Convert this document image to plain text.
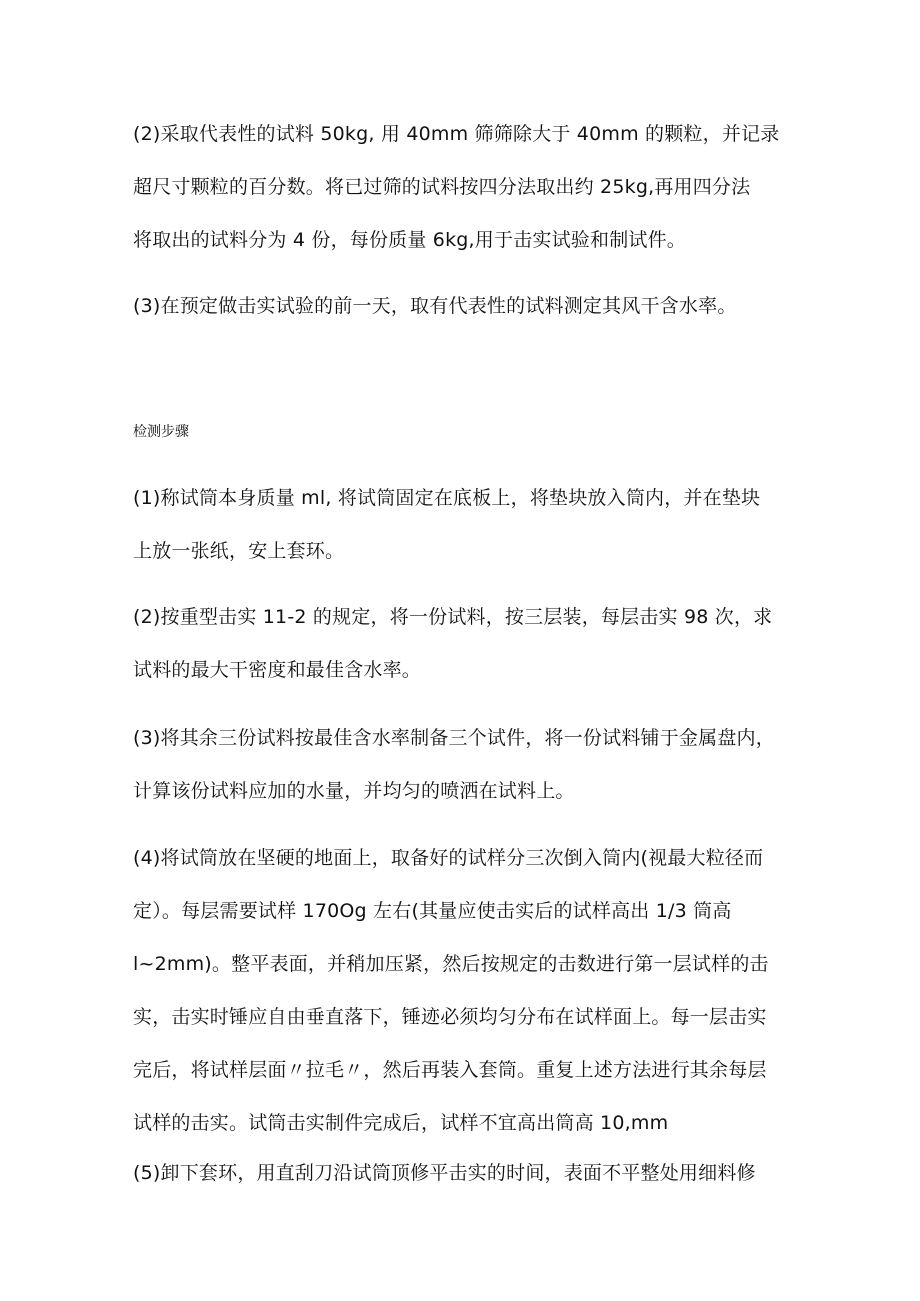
(2)采取代表性的试料 50kg, 用 40mm 筛筛除大于 40mm 的颗粒，并记录
超尺寸颗粒的百分数。将已过筛的试料按四分法取出约 25kg,再用四分法
将取出的试料分为 4 份，每份质量 6kg,用于击实试验和制试件。
(3)在预定做击实试验的前一天，取有代表性的试料测定其风干含水率。
检测步骤
(1)称试筒本身质量 ml, 将试筒固定在底板上，将垫块放入筒内，并在垫块
上放一张纸，安上套环。
(2)按重型击实 11-2 的规定，将一份试料，按三层装，每层击实 98 次，求
试料的最大干密度和最佳含水率。
(3)将其余三份试料按最佳含水率制备三个试件，将一份试料铺于金属盘内，
计算该份试料应加的水量，并均匀的喷洒在试料上。
(4)将试筒放在坚硬的地面上，取备好的试样分三次倒入筒内(视最大粒径而
定）。每层需要试样 170Og 左右(其量应使击实后的试样高出 1/3 筒高
l~2mm)。整平表面，并稍加压紧，然后按规定的击数进行第一层试样的击
实，击实时锤应自由垂直落下，锤迹必须均匀分布在试样面上。每一层击实
完后，将试样层面〃拉毛〃，然后再装入套筒。重复上述方法进行其余每层
试样的击实。试筒击实制件完成后，试样不宜高出筒高 10,mm
(5)卸下套环，用直刮刀沿试筒顶修平击实的时间，表面不平整处用细料修
